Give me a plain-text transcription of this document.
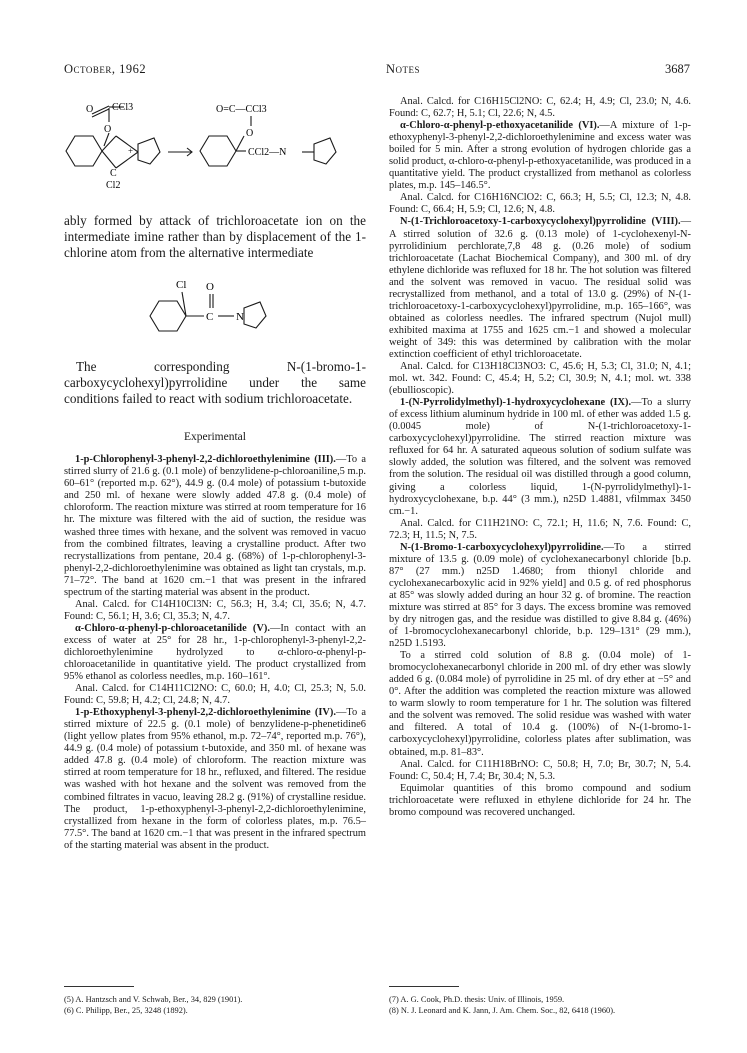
October, 1962	Notes	3687
O CCl3
O
+
C
Cl2
O=C—CCl3
O
CCl2—N

ably formed by attack of trichloroacetate ion on the intermediate imine rather than by displacement of the 1-chlorine atom from the alternative intermediate

Cl O
C N

The corresponding N-(1-bromo-1-carboxycyclohexyl)pyrrolidine under the same conditions failed to react with sodium trichloroacetate.

Experimental

1-p-Chlorophenyl-3-phenyl-2,2-dichloroethylenimine (III).—To a stirred slurry of 21.6 g. (0.1 mole) of benzylidene-p-chloroaniline,5 m.p. 60–61° (reported m.p. 62°), 44.9 g. (0.4 mole) of potassium t-butoxide and 250 ml. of hexane were slowly added 47.8 g. (0.4 mole) of chloroform. The reaction mixture was stirred at room temperature for 16 hr. The mixture was filtered with the aid of suction, the residue was washed three times with hexane, and the solvent was removed in vacuo from the combined filtrates, leaving a crystalline product. After two recrystallizations from pentane, 20.4 g. (68%) of 1-p-chlorophenyl-3-phenyl-2,2-dichloroethylenimine was obtained as light tan crystals, m.p. 71–72°. The band at 1620 cm.−1 that was present in the infrared spectrum of the starting material was absent in the product.

Anal. Calcd. for C14H10Cl3N: C, 56.3; H, 3.4; Cl, 35.6; N, 4.7. Found: C, 56.1; H, 3.6; Cl, 35.3; N, 4.7.

α-Chloro-α-phenyl-p-chloroacetanilide (V).—In contact with an excess of water at 25° for 28 hr., 1-p-chlorophenyl-3-phenyl-2,2-dichloroethylenimine hydrolyzed to α-chloro-α-phenyl-p-chloroacetanilide in quantitative yield. The product crystallized from 95% ethanol as colorless needles, m.p. 160–161°.

Anal. Calcd. for C14H11Cl2NO: C, 60.0; H, 4.0; Cl, 25.3; N, 5.0. Found: C, 59.8; H, 4.2; Cl, 24.8; N, 4.7.

1-p-Ethoxyphenyl-3-phenyl-2,2-dichloroethylenimine (IV).—To a stirred mixture of 22.5 g. (0.1 mole) of benzylidene-p-phenetidine6 (light yellow plates from 95% ethanol, m.p. 72–74°, reported m.p. 76°), 44.9 g. (0.4 mole) of potassium t-butoxide, and 350 ml. of hexane was added 47.8 g. (0.4 mole) of chloroform. The reaction mixture was stirred at room temperature for 18 hr., refluxed, and filtered. The residue was washed with hot hexane and the solvent was removed from the combined filtrates in vacuo, leaving 28.2 g. (91%) of crystalline residue. The product, 1-p-ethoxyphenyl-3-phenyl-2,2-dichloroethylenimine, crystallized from hexane in the form of colorless plates, m.p. 76.5–77.5°. The band at 1620 cm.−1 that was present in the infrared spectrum of the starting material was absent in the product.

Anal. Calcd. for C16H15Cl2NO: C, 62.4; H, 4.9; Cl, 23.0; N, 4.6. Found: C, 62.7; H, 5.1; Cl, 22.6; N, 4.5.

α-Chloro-α-phenyl-p-ethoxyacetanilide (VI).—A mixture of 1-p-ethoxyphenyl-3-phenyl-2,2-dichloroethylenimine and excess water was boiled for 5 min. After a strong evolution of hydrogen chloride gas a solid product, α-chloro-α-phenyl-p-ethoxyacetanilide, was produced in a quantitative yield. The product crystallized from methanol as colorless plates, m.p. 145–146.5°.

Anal. Calcd. for C16H16NClO2: C, 66.3; H, 5.5; Cl, 12.3; N, 4.8. Found: C, 66.4; H, 5.9; Cl, 12.6; N, 4.8.

N-(1-Trichloroacetoxy-1-carboxycyclohexyl)pyrrolidine (VIII).—A stirred solution of 32.6 g. (0.13 mole) of 1-cyclohexenyl-N-pyrrolidinium perchlorate,7,8 48 g. (0.26 mole) of sodium trichloroacetate (Lachat Biochemical Company), and 300 ml. of dry ethylene dichloride was refluxed for 18 hr. The hot solution was filtered and the solvent was removed in vacuo. The residual solid was recrystallized from methanol, and a total of 13.0 g. (29%) of N-(1-trichloroacetoxy-1-carboxycyclohexyl)pyrrolidine, m.p. 165–166°, was obtained as colorless needles. The infrared spectrum (Nujol mull) exhibited maxima at 1755 and 1625 cm.−1 and showed a molecular weight of 349: this was determined by calibration with the molar extinction coefficient of ethyl trichloroacetate.

Anal. Calcd. for C13H18Cl3NO3: C, 45.6; H, 5.3; Cl, 31.0; N, 4.1; mol. wt. 342. Found: C, 45.4; H, 5.2; Cl, 30.9; N, 4.1; mol. wt. 338 (ebullioscopic).

1-(N-Pyrrolidylmethyl)-1-hydroxycyclohexane (IX).—To a slurry of excess lithium aluminum hydride in 100 ml. of ether was added 1.5 g. (0.0045 mole) of N-(1-trichloroacetoxy-1-carboxycyclohexyl)pyrrolidine. The stirred reaction mixture was refluxed for 64 hr. A saturated aqueous solution of sodium sulfate was slowly added, the solution was filtered, and the solvent was removed from the solution. The residual oil was distilled through a good column, giving a colorless liquid, 1-(N-pyrrolidylmethyl)-1-hydroxycyclohexane, b.p. 44° (3 mm.), n25D 1.4881, νfilmmax 3450 cm.−1.

Anal. Calcd. for C11H21NO: C, 72.1; H, 11.6; N, 7.6. Found: C, 72.3; H, 11.5; N, 7.5.

N-(1-Bromo-1-carboxycyclohexyl)pyrrolidine.—To a stirred mixture of 13.5 g. (0.09 mole) of cyclohexanecarbonyl chloride [b.p. 87° (27 mm.) n25D 1.4680; from thionyl chloride and cyclohexanecarboxylic acid in 92% yield] and 0.5 g. of red phosphorus at 85° was slowly added during an hour 32 g. of bromine. The reaction mixture was stirred at 85° for 3 days. The excess bromine was removed by dry nitrogen gas, and the residue was distilled to give 8.84 g. (46%) of 1-bromocyclohexanecarbonyl chloride, b.p. 129–131° (29 mm.), n25D 1.5193.

To a stirred cold solution of 8.8 g. (0.04 mole) of 1-bromocyclohexanecarbonyl chloride in 200 ml. of dry ether was slowly added 6 g. (0.084 mole) of pyrrolidine in 25 ml. of dry ether at −5° and 0°. After the addition was completed the reaction mixture was allowed to warm slowly to room temperature for 1 hr. The solution was filtered and the solvent was removed. The solid residue was washed with water and filtered. A total of 10.4 g. (100%) of N-(1-bromo-1-carboxycyclohexyl)pyrrolidine, colorless plates after sublimation, was obtained, m.p. 81–83°.

Anal. Calcd. for C11H18BrNO: C, 50.8; H, 7.0; Br, 30.7; N, 5.4. Found: C, 50.4; H, 7.4; Br, 30.4; N, 5.3.

Equimolar quantities of this bromo compound and sodium trichloroacetate were refluxed in ethylene dichloride for 24 hr. The bromo compound was recovered unchanged.

(5) A. Hantzsch and V. Schwab, Ber., 34, 829 (1901).
(6) C. Philipp, Ber., 25, 3248 (1892).
(7) A. G. Cook, Ph.D. thesis: Univ. of Illinois, 1959.
(8) N. J. Leonard and K. Jann, J. Am. Chem. Soc., 82, 6418 (1960).
